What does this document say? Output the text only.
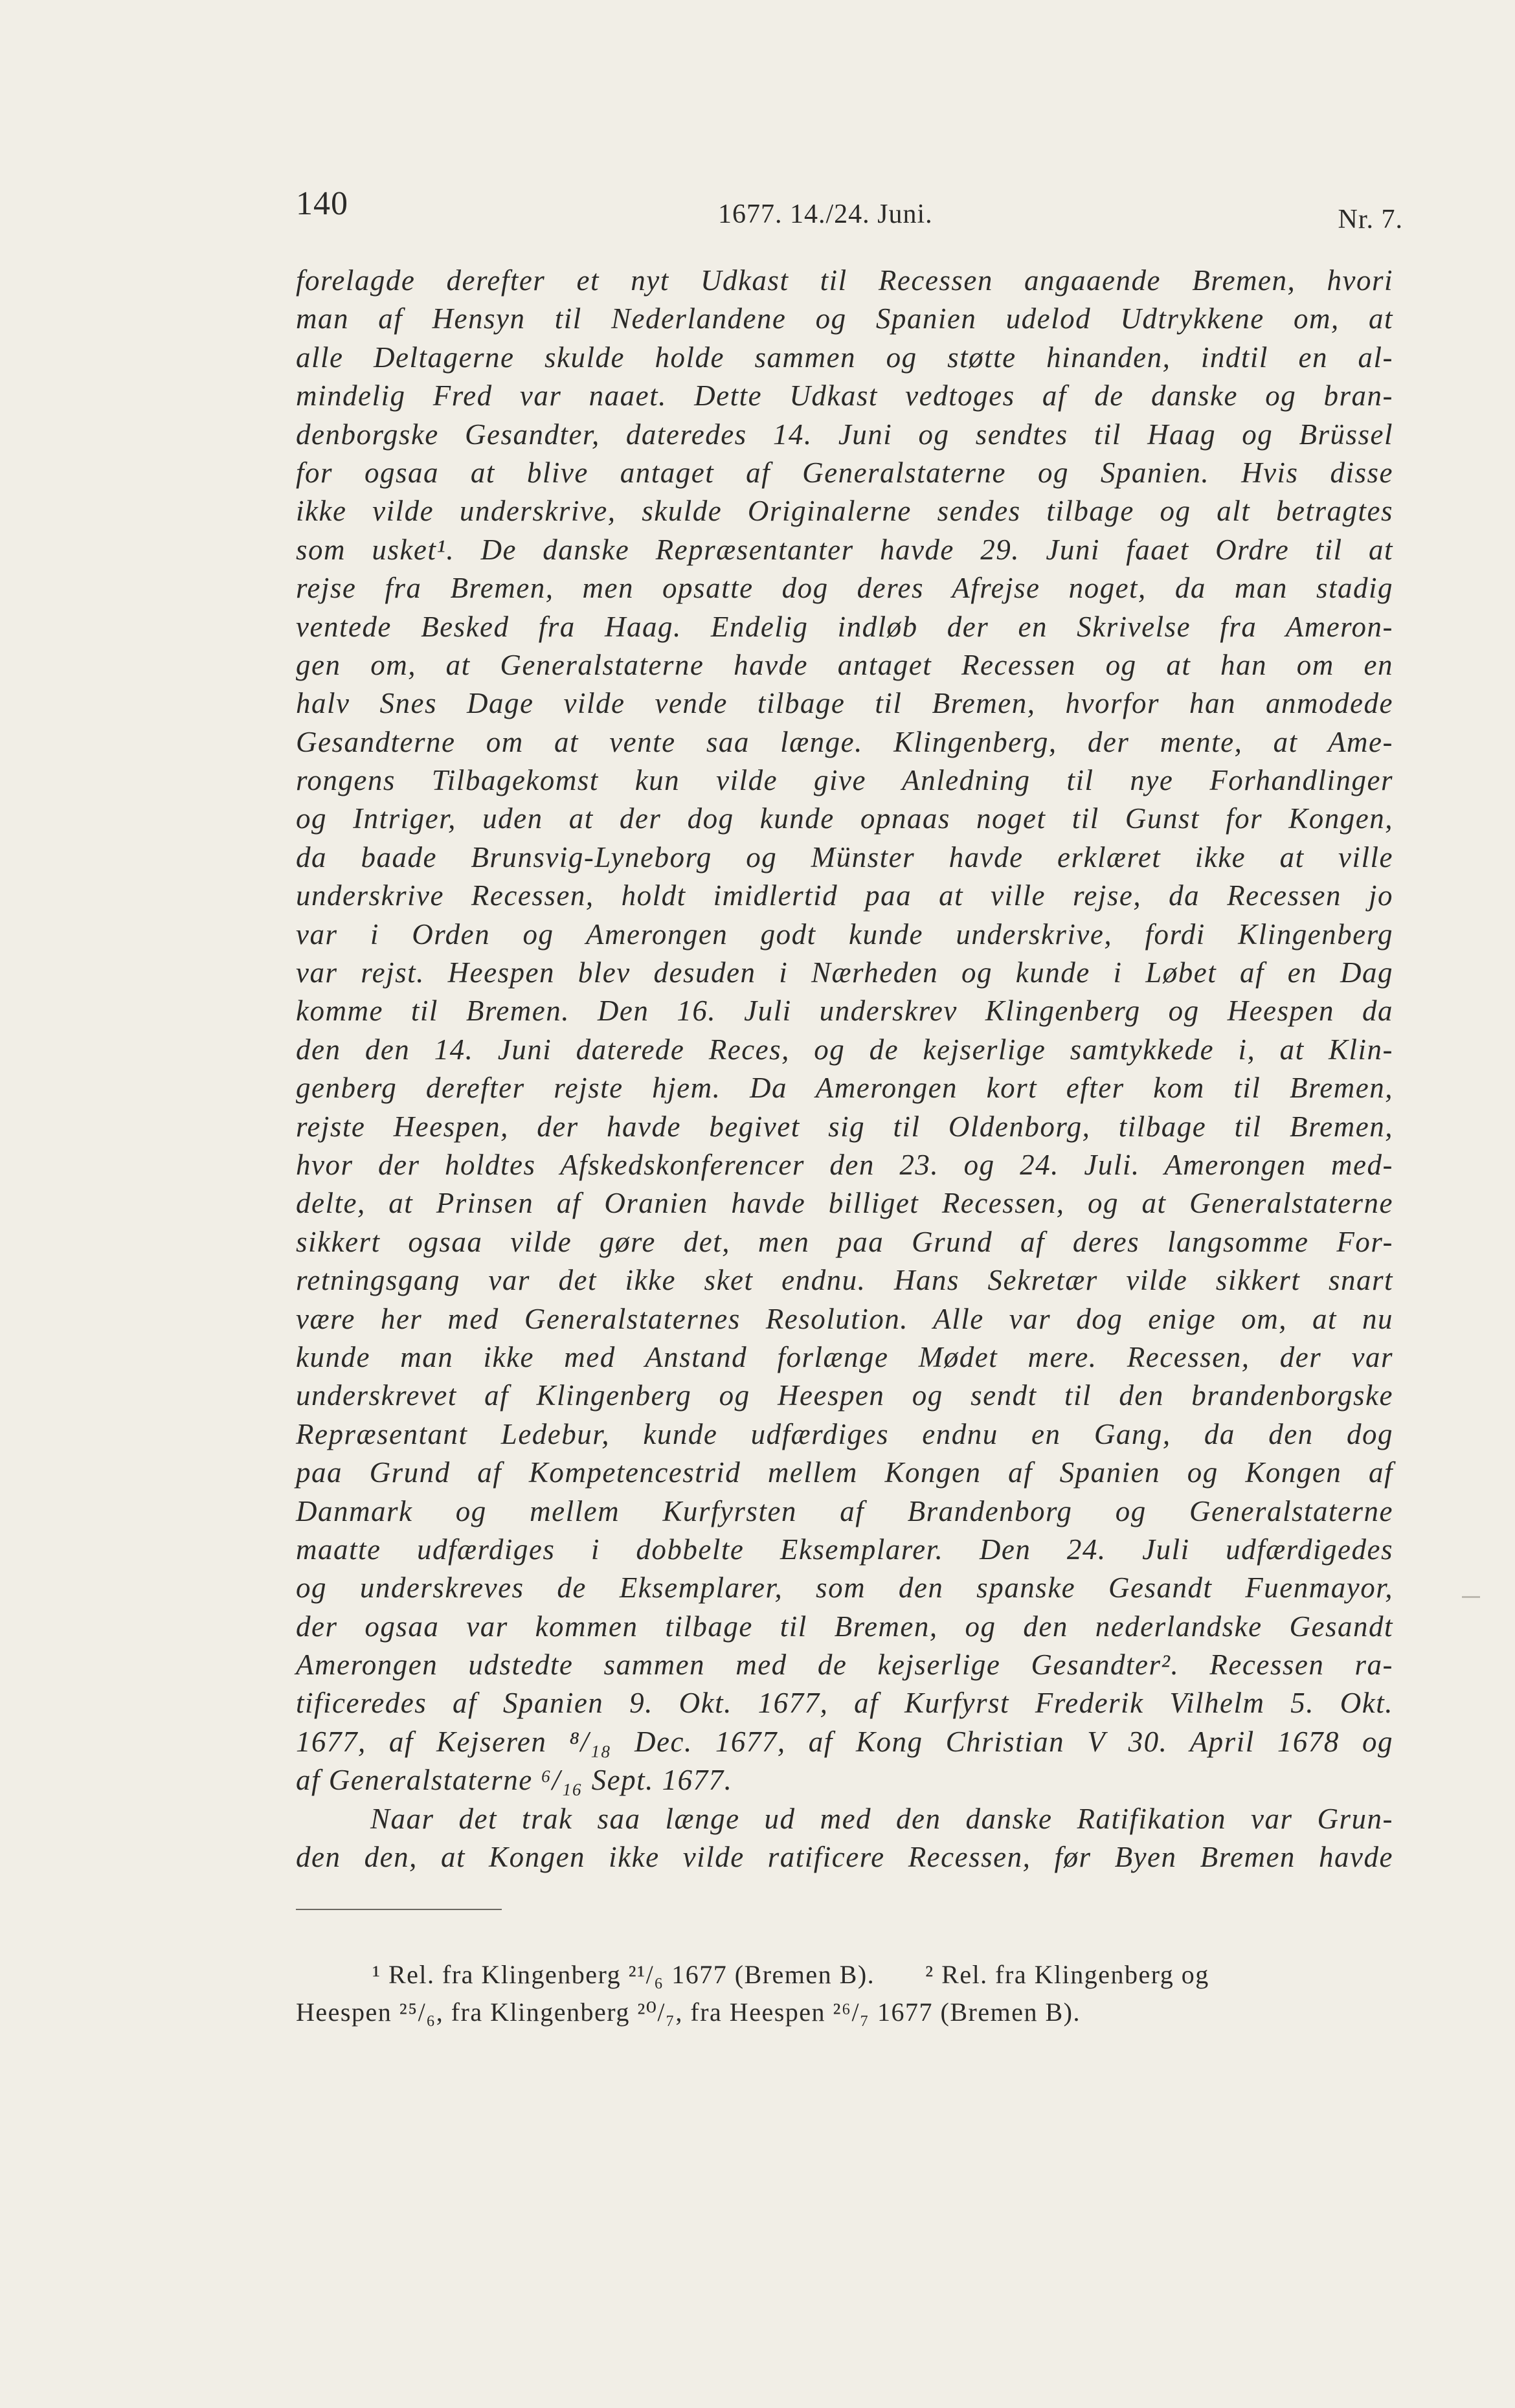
140	1677. 14./24. Juni.	Nr. 7.
forelagde derefter et nyt Udkast til Recessen angaaende Bremen, hvori
man af Hensyn til Nederlandene og Spanien udelod Udtrykkene om, at
alle Deltagerne skulde holde sammen og støtte hinanden, indtil en al-
mindelig Fred var naaet. Dette Udkast vedtoges af de danske og bran-
denborgske Gesandter, dateredes 14. Juni og sendtes til Haag og Brüssel
for ogsaa at blive antaget af Generalstaterne og Spanien. Hvis disse
ikke vilde underskrive, skulde Originalerne sendes tilbage og alt betragtes
som usket¹. De danske Repræsentanter havde 29. Juni faaet Ordre til at
rejse fra Bremen, men opsatte dog deres Afrejse noget, da man stadig
ventede Besked fra Haag. Endelig indløb der en Skrivelse fra Ameron-
gen om, at Generalstaterne havde antaget Recessen og at han om en
halv Snes Dage vilde vende tilbage til Bremen, hvorfor han anmodede
Gesandterne om at vente saa længe. Klingenberg, der mente, at Ame-
rongens Tilbagekomst kun vilde give Anledning til nye Forhandlinger
og Intriger, uden at der dog kunde opnaas noget til Gunst for Kongen,
da baade Brunsvig-Lyneborg og Münster havde erklæret ikke at ville
underskrive Recessen, holdt imidlertid paa at ville rejse, da Recessen jo
var i Orden og Amerongen godt kunde underskrive, fordi Klingenberg
var rejst. Heespen blev desuden i Nærheden og kunde i Løbet af en Dag
komme til Bremen. Den 16. Juli underskrev Klingenberg og Heespen da
den den 14. Juni daterede Reces, og de kejserlige samtykkede i, at Klin-
genberg derefter rejste hjem. Da Amerongen kort efter kom til Bremen,
rejste Heespen, der havde begivet sig til Oldenborg, tilbage til Bremen,
hvor der holdtes Afskedskonferencer den 23. og 24. Juli. Amerongen med-
delte, at Prinsen af Oranien havde billiget Recessen, og at Generalstaterne
sikkert ogsaa vilde gøre det, men paa Grund af deres langsomme For-
retningsgang var det ikke sket endnu. Hans Sekretær vilde sikkert snart
være her med Generalstaternes Resolution. Alle var dog enige om, at nu
kunde man ikke med Anstand forlænge Mødet mere. Recessen, der var
underskrevet af Klingenberg og Heespen og sendt til den brandenborgske
Repræsentant Ledebur, kunde udfærdiges endnu en Gang, da den dog
paa Grund af Kompetencestrid mellem Kongen af Spanien og Kongen af
Danmark og mellem Kurfyrsten af Brandenborg og Generalstaterne
maatte udfærdiges i dobbelte Eksemplarer. Den 24. Juli udfærdigedes
og underskreves de Eksemplarer, som den spanske Gesandt Fuenmayor,
der ogsaa var kommen tilbage til Bremen, og den nederlandske Gesandt
Amerongen udstedte sammen med de kejserlige Gesandter². Recessen ra-
tificeredes af Spanien 9. Okt. 1677, af Kurfyrst Frederik Vilhelm 5. Okt.
1677, af Kejseren ⁸/₁₈ Dec. 1677, af Kong Christian V 30. April 1678 og
af Generalstaterne ⁶/₁₆ Sept. 1677.
Naar det trak saa længe ud med den danske Ratifikation var Grun-
den den, at Kongen ikke vilde ratificere Recessen, før Byen Bremen havde
¹ Rel. fra Klingenberg ²¹/₆ 1677 (Bremen B). ² Rel. fra Klingenberg og
Heespen ²⁵/₆, fra Klingenberg ²⁰/₇, fra Heespen ²⁶/₇ 1677 (Bremen B).
